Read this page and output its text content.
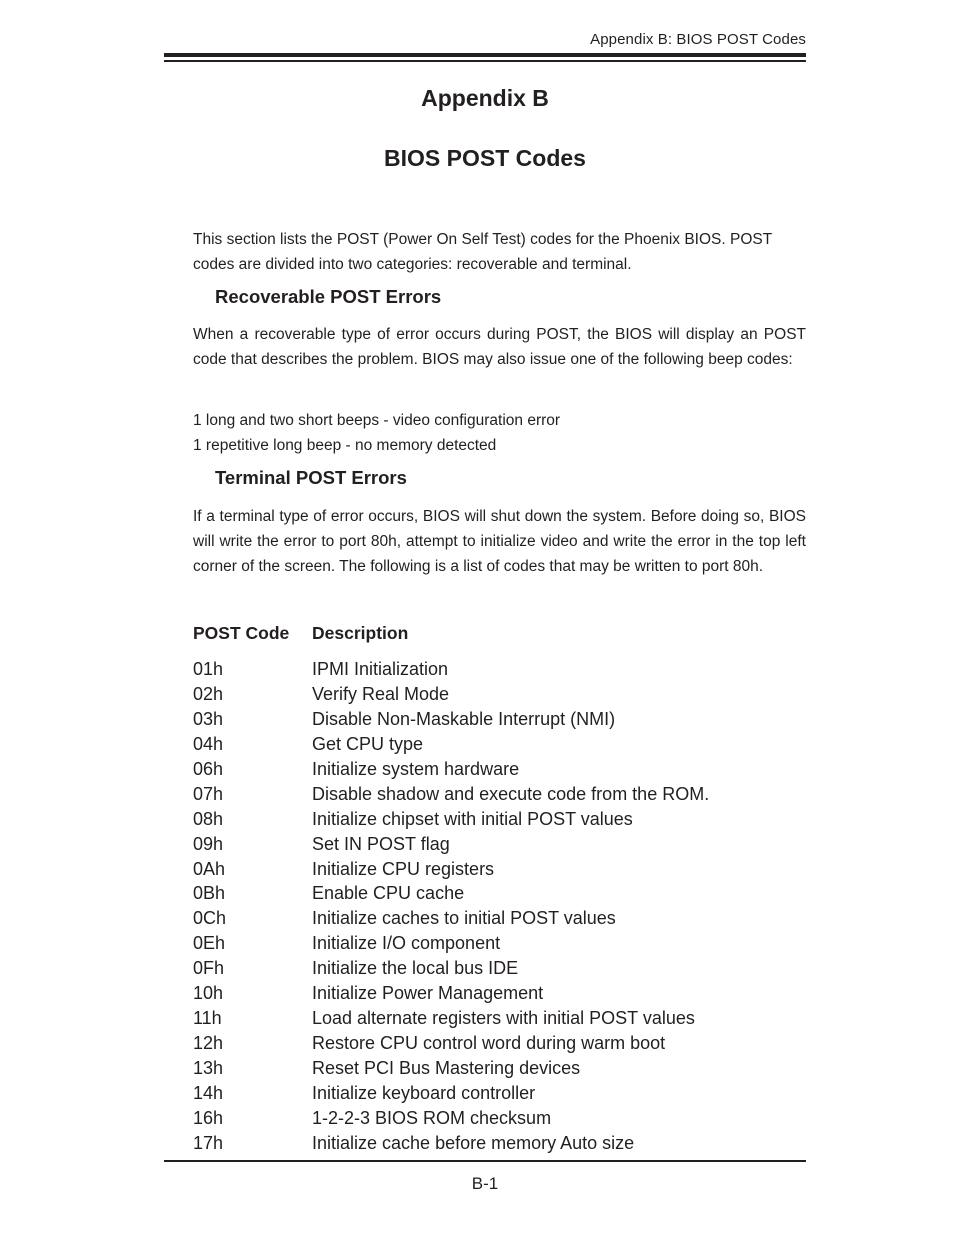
Appendix B: BIOS POST Codes
Appendix B
BIOS POST Codes
This section lists the POST (Power On Self Test) codes for the Phoenix BIOS. POST codes are divided into two categories: recoverable and terminal.
Recoverable POST Errors
When a recoverable type of error occurs during POST, the BIOS will display an POST code that describes the problem. BIOS may also issue one of the following beep codes:
1 long and two short beeps - video configuration error
1 repetitive long beep - no memory detected
Terminal POST Errors
If a terminal type of error occurs, BIOS will shut down the system. Before doing so, BIOS will write the error to port 80h, attempt to initialize video and write the error in the top left corner of the screen. The following is a list of codes that may be written to port 80h.
POST Code Description
01h	IPMI Initialization
02h	Verify Real Mode
03h	Disable Non-Maskable Interrupt (NMI)
04h	Get CPU type
06h	Initialize system hardware
07h	Disable shadow and execute code from the ROM.
08h	Initialize chipset with initial POST values
09h	Set IN POST flag
0Ah	Initialize CPU registers
0Bh	Enable CPU cache
0Ch	Initialize caches to initial POST values
0Eh	Initialize I/O component
0Fh	Initialize the local bus IDE
10h	Initialize Power Management
11h	Load alternate registers with initial POST values
12h	Restore CPU control word during warm boot
13h	Reset PCI Bus Mastering devices
14h	Initialize keyboard controller
16h	1-2-2-3 BIOS ROM checksum
17h	Initialize cache before memory Auto size
B-1
